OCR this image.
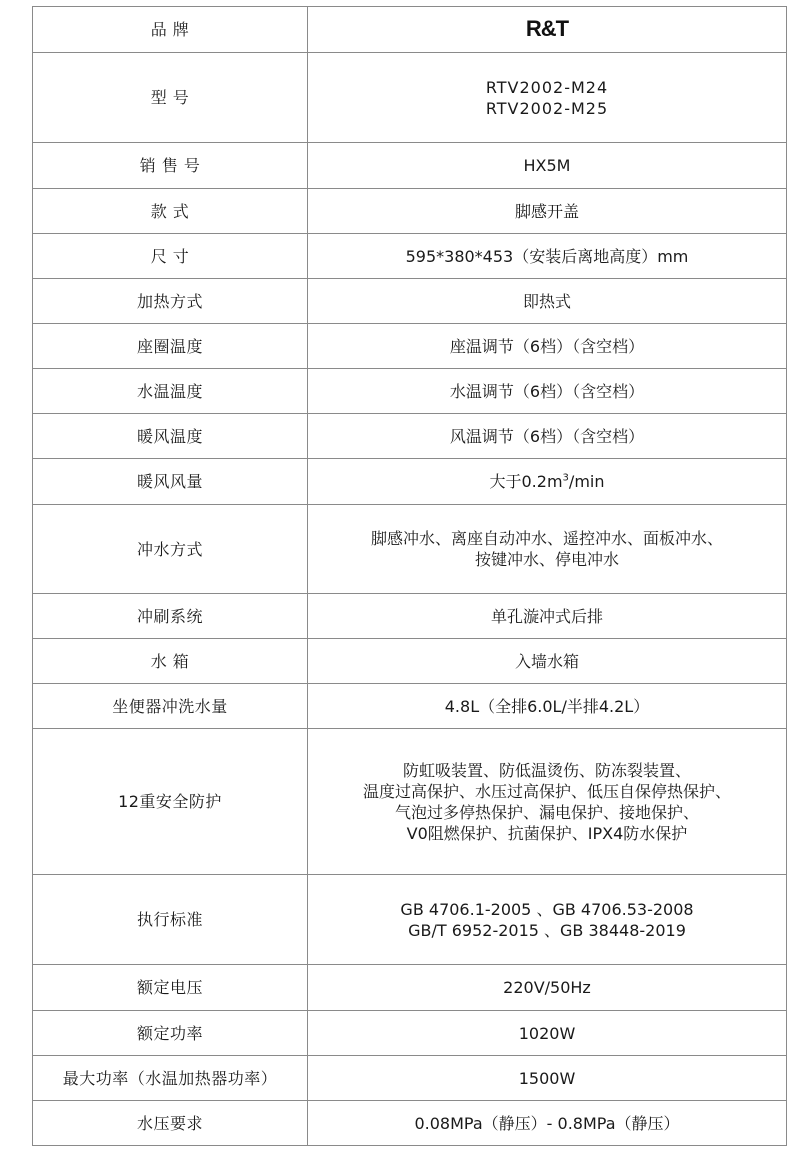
品 牌	R&T
型 号	RTV2002-M24
RTV2002-M25

销 售 号	HX5M
款 式	脚感开盖
尺 寸	595*380*453（安装后离地高度）mm
加热方式	即热式
座圈温度	座温调节（6档）（含空档）
水温温度	水温调节（6档）（含空档）
暖风温度	风温调节（6档）（含空档）
暖风风量	大于$0.2m^3/\min$
冲水方式	脚感冲水、离座自动冲水、遥控冲水、面板冲水、
按键冲水、停电冲水

冲刷系统	单孔漩冲式后排
水 箱	入墙水箱
坐便器冲洗水量	4.8L（全排6.0L/半排4.2L）
12重安全防护	防虹吸装置、防低温烫伤、防冻裂装置、
温度过高保护、水压过高保护、低压自保停热保护、
气泡过多停热保护、漏电保护、接地保护、
V0阻燃保护、抗菌保护、IPX4防水保护

执行标准	GB 4706.1-2005 、GB 4706.53-2008
GB/T 6952-2015 、GB 38448-2019

额定电压	220V/50Hz
额定功率	1020W
最大功率（水温加热器功率）	1500W
水压要求	0.08MPa（静压）- 0.8MPa（静压）
